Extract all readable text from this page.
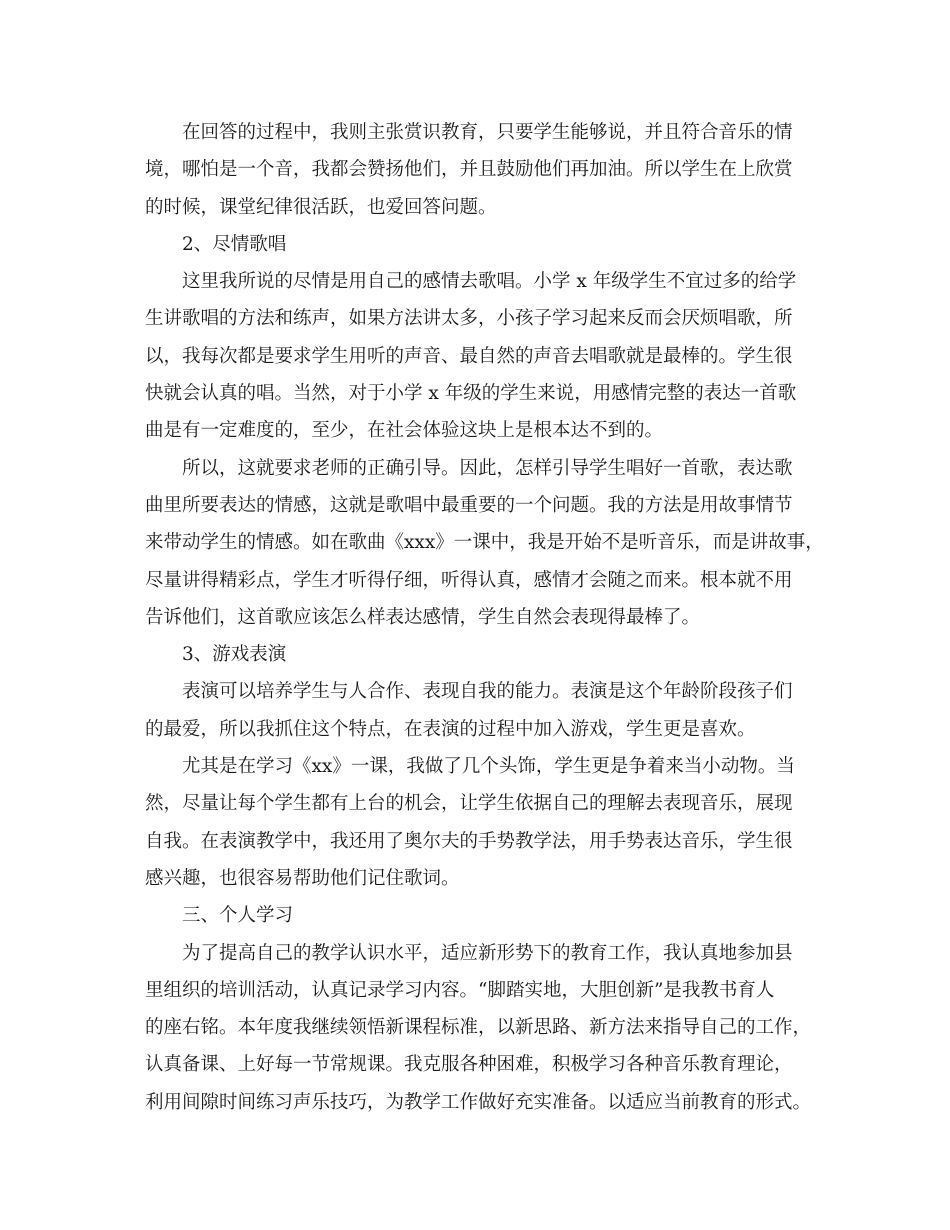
在回答的过程中，我则主张赏识教育，只要学生能够说，并且符合音乐的情
境，哪怕是一个音，我都会赞扬他们，并且鼓励他们再加油。所以学生在上欣赏
的时候，课堂纪律很活跃，也爱回答问题。
2、尽情歌唱
这里我所说的尽情是用自己的感情去歌唱。小学 x 年级学生不宜过多的给学
生讲歌唱的方法和练声，如果方法讲太多，小孩子学习起来反而会厌烦唱歌，所
以，我每次都是要求学生用听的声音、最自然的声音去唱歌就是最棒的。学生很
快就会认真的唱。当然，对于小学 x 年级的学生来说，用感情完整的表达一首歌
曲是有一定难度的，至少，在社会体验这块上是根本达不到的。
所以，这就要求老师的正确引导。因此，怎样引导学生唱好一首歌，表达歌
曲里所要表达的情感，这就是歌唱中最重要的一个问题。我的方法是用故事情节
来带动学生的情感。如在歌曲《xxx》一课中，我是开始不是听音乐，而是讲故事，
尽量讲得精彩点，学生才听得仔细，听得认真，感情才会随之而来。根本就不用
告诉他们，这首歌应该怎么样表达感情，学生自然会表现得最棒了。
3、游戏表演
表演可以培养学生与人合作、表现自我的能力。表演是这个年龄阶段孩子们
的最爱，所以我抓住这个特点，在表演的过程中加入游戏，学生更是喜欢。
尤其是在学习《xx》一课，我做了几个头饰，学生更是争着来当小动物。当
然，尽量让每个学生都有上台的机会，让学生依据自己的理解去表现音乐，展现
自我。在表演教学中，我还用了奥尔夫的手势教学法，用手势表达音乐，学生很
感兴趣，也很容易帮助他们记住歌词。
三、个人学习
为了提高自己的教学认识水平，适应新形势下的教育工作，我认真地参加县
里组织的培训活动，认真记录学习内容。“脚踏实地，大胆创新”是我教书育人
的座右铭。本年度我继续领悟新课程标准，以新思路、新方法来指导自己的工作，
认真备课、上好每一节常规课。我克服各种困难，积极学习各种音乐教育理论，
利用间隙时间练习声乐技巧，为教学工作做好充实准备。以适应当前教育的形式。
